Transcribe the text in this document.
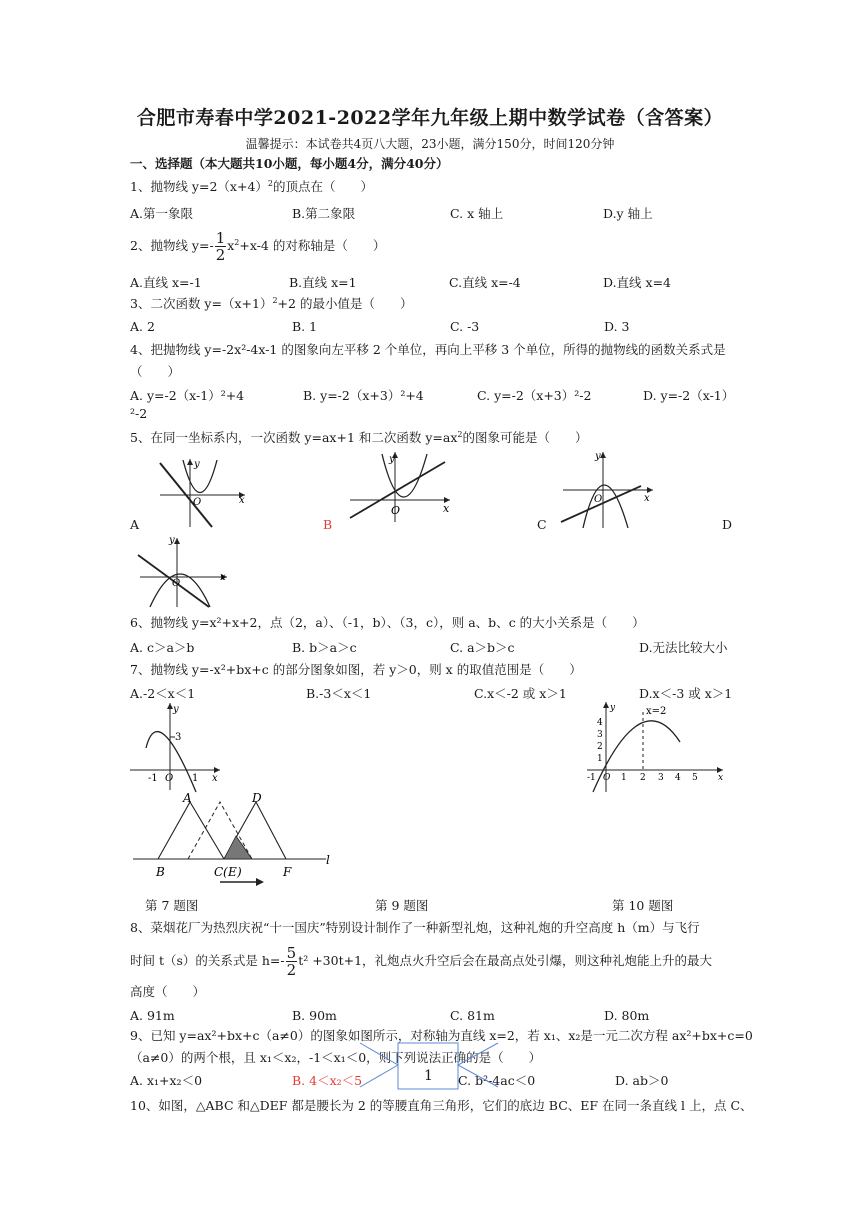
合肥市寿春中学2021-2022学年九年级上期中数学试卷（含答案）
温馨提示：本试卷共4页八大题，23小题，满分150分，时间120分钟
一、选择题（本大题共10小题，每小题4分，满分40分）
1、抛物线 $y=2(x+4)^2$的顶点在（　　）
A.第一象限	B.第二象限	C. x 轴上	D.y 轴上
2、抛物线 $y=- \frac{1}{2} x^2+x-4$ 的对称轴是（　　）
A.直线 x=-1	B.直线 x=1	C.直线 x=-4	D.直线 x=4
3、二次函数 $y=(x+1)^2+2$ 的最小值是（　　）
A. 2	B. 1	C. -3	D. 3
4、把抛物线 y=-2x²-4x-1 的图象向左平移 2 个单位，再向上平移 3 个单位，所得的抛物线的函数关系式是
（　　）
A. y=-2（x-1）²+4	B. y=-2（x+3）²+4	C. y=-2（x+3）²-2	D. y=-2（x-1）
²-2
5、在同一坐标系内，一次函数 y=ax+1 和二次函数 $y=ax^2$的图象可能是（　　）
O	x
y
A
O	x
y
B
O	x
y
C	D
O
x
y
6、抛物线 y=x²+x+2，点（2，a）、（-1，b）、（3，c），则 a、b、c 的大小关系是（　　）
A. c＞a＞b	B. b＞a＞c	C. a＞b＞c	D.无法比较大小
7、抛物线 y=-x²+bx+c 的部分图象如图，若 y＞0，则 x 的取值范围是（　　）
A.-2＜x＜1	B.-3＜x＜1	C.x＜-2 或 x＞1	D.x＜-3 或 x＞1
3
-1 O 1 x
y	x=2
4
3
2
1
-1 O 1 2 3 4 5 x
y
A	D
B	C ( E )	F
l
第 7 题图	第 9 题图	第 10 题图
8、菜烟花厂为热烈庆祝“十一国庆”特别设计制作了一种新型礼炮，这种礼炮的升空高度 h（m）与飞行
时间 t（s）的关系式是 $h=- \frac{5}{2} t^2 +30t+1$，礼炮点火升空后会在最高点处引爆，则这种礼炮能上升的最大
高度（　　）
A. 91m	B. 90m	C. 81m	D. 80m
9、已知 y=ax²+bx+c（a≠0）的图象如图所示，对称轴为直线 x=2，若 x₁、x₂是一元二次方程 ax²+bx+c=0
（a≠0）的两个根，且 x₁＜x₂，-1＜x₁＜0，则下列说法正确的是（　　）
A. x₁+x₂＜0	B. 4＜x₂＜5	C. b²-4ac＜0	D. ab＞0
1
10、如图，△ABC 和△DEF 都是腰长为 2 的等腰直角三角形，它们的底边 BC、EF 在同一条直线 l 上，点 C、
